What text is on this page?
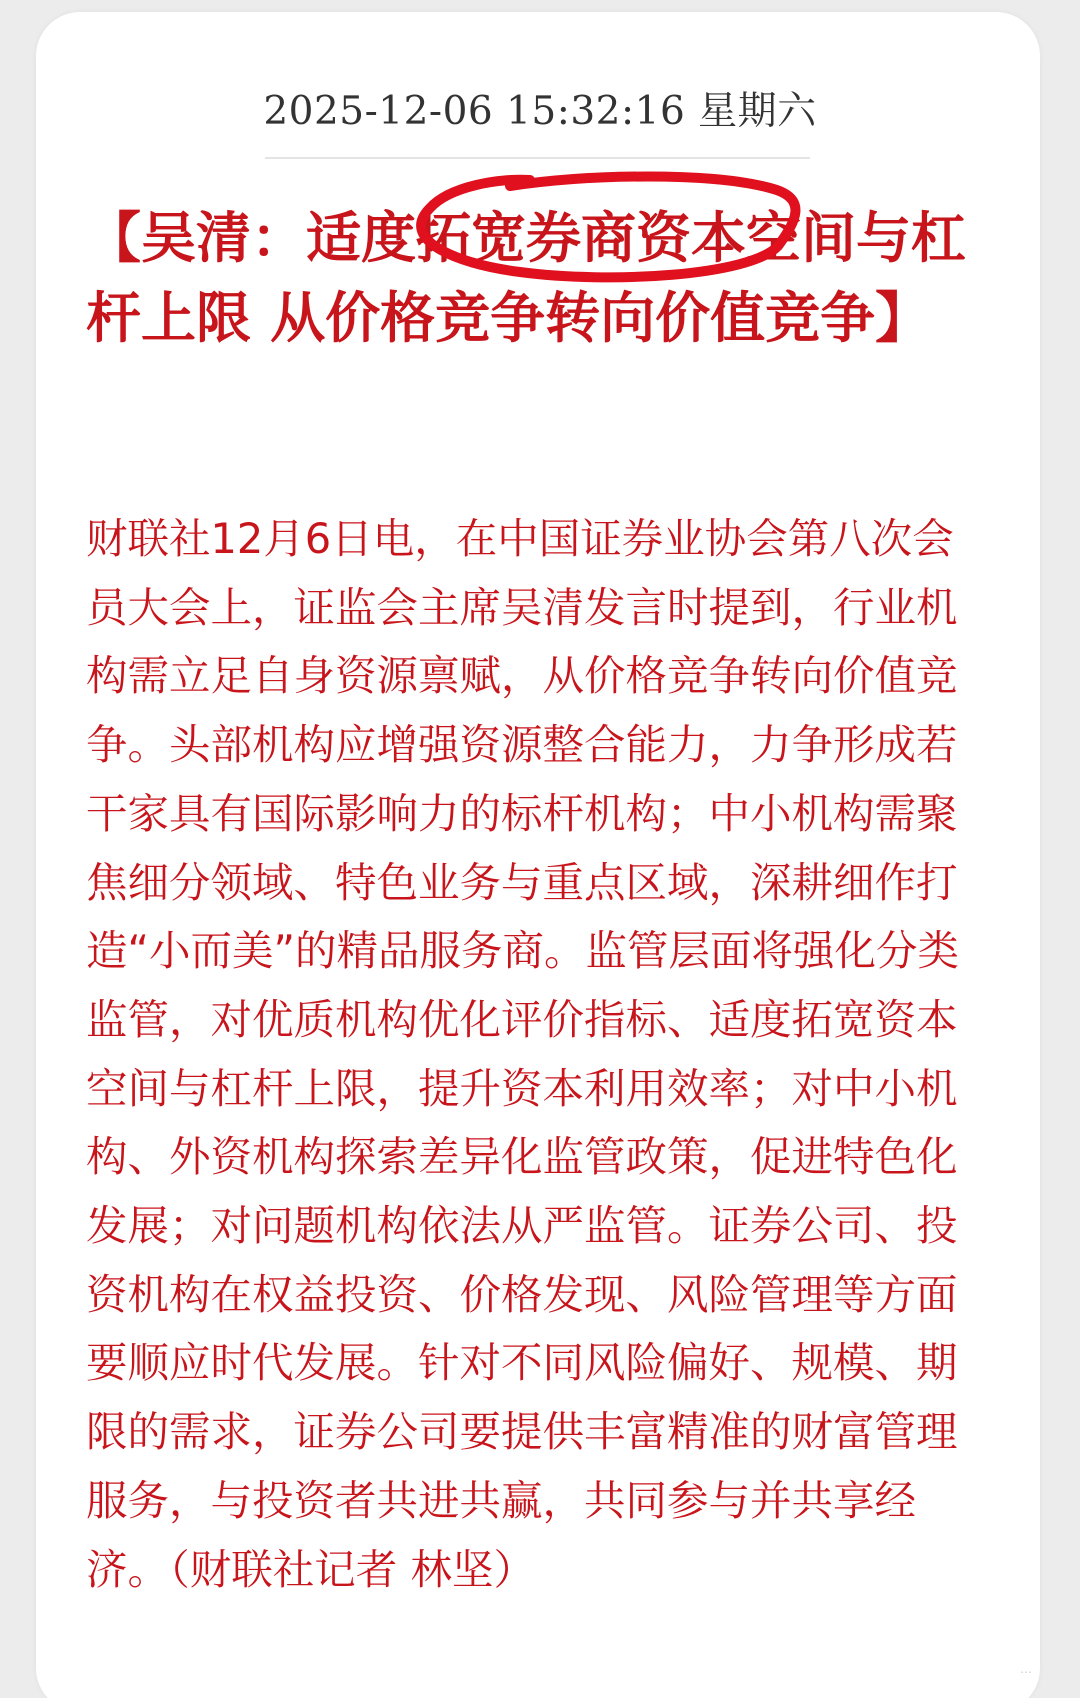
2025-12-06 15:32:16 星期六
【吴清：适度拓宽券商资本空间与杠杆上限 从价格竞争转向价值竞争】
财联社12月6日电，在中国证券业协会第八次会员大会上，证监会主席吴清发言时提到，行业机构需立足自身资源禀赋，从价格竞争转向价值竞争。头部机构应增强资源整合能力，力争形成若干家具有国际影响力的标杆机构；中小机构需聚焦细分领域、特色业务与重点区域，深耕细作打造“小而美”的精品服务商。监管层面将强化分类监管，对优质机构优化评价指标、适度拓宽资本空间与杠杆上限，提升资本利用效率；对中小机构、外资机构探索差异化监管政策，促进特色化发展；对问题机构依法从严监管。证券公司、投资机构在权益投资、价格发现、风险管理等方面要顺应时代发展。针对不同风险偏好、规模、期限的需求，证券公司要提供丰富精准的财富管理服务，与投资者共进共赢，共同参与并共享经济。（财联社记者 林坚）
⋯
